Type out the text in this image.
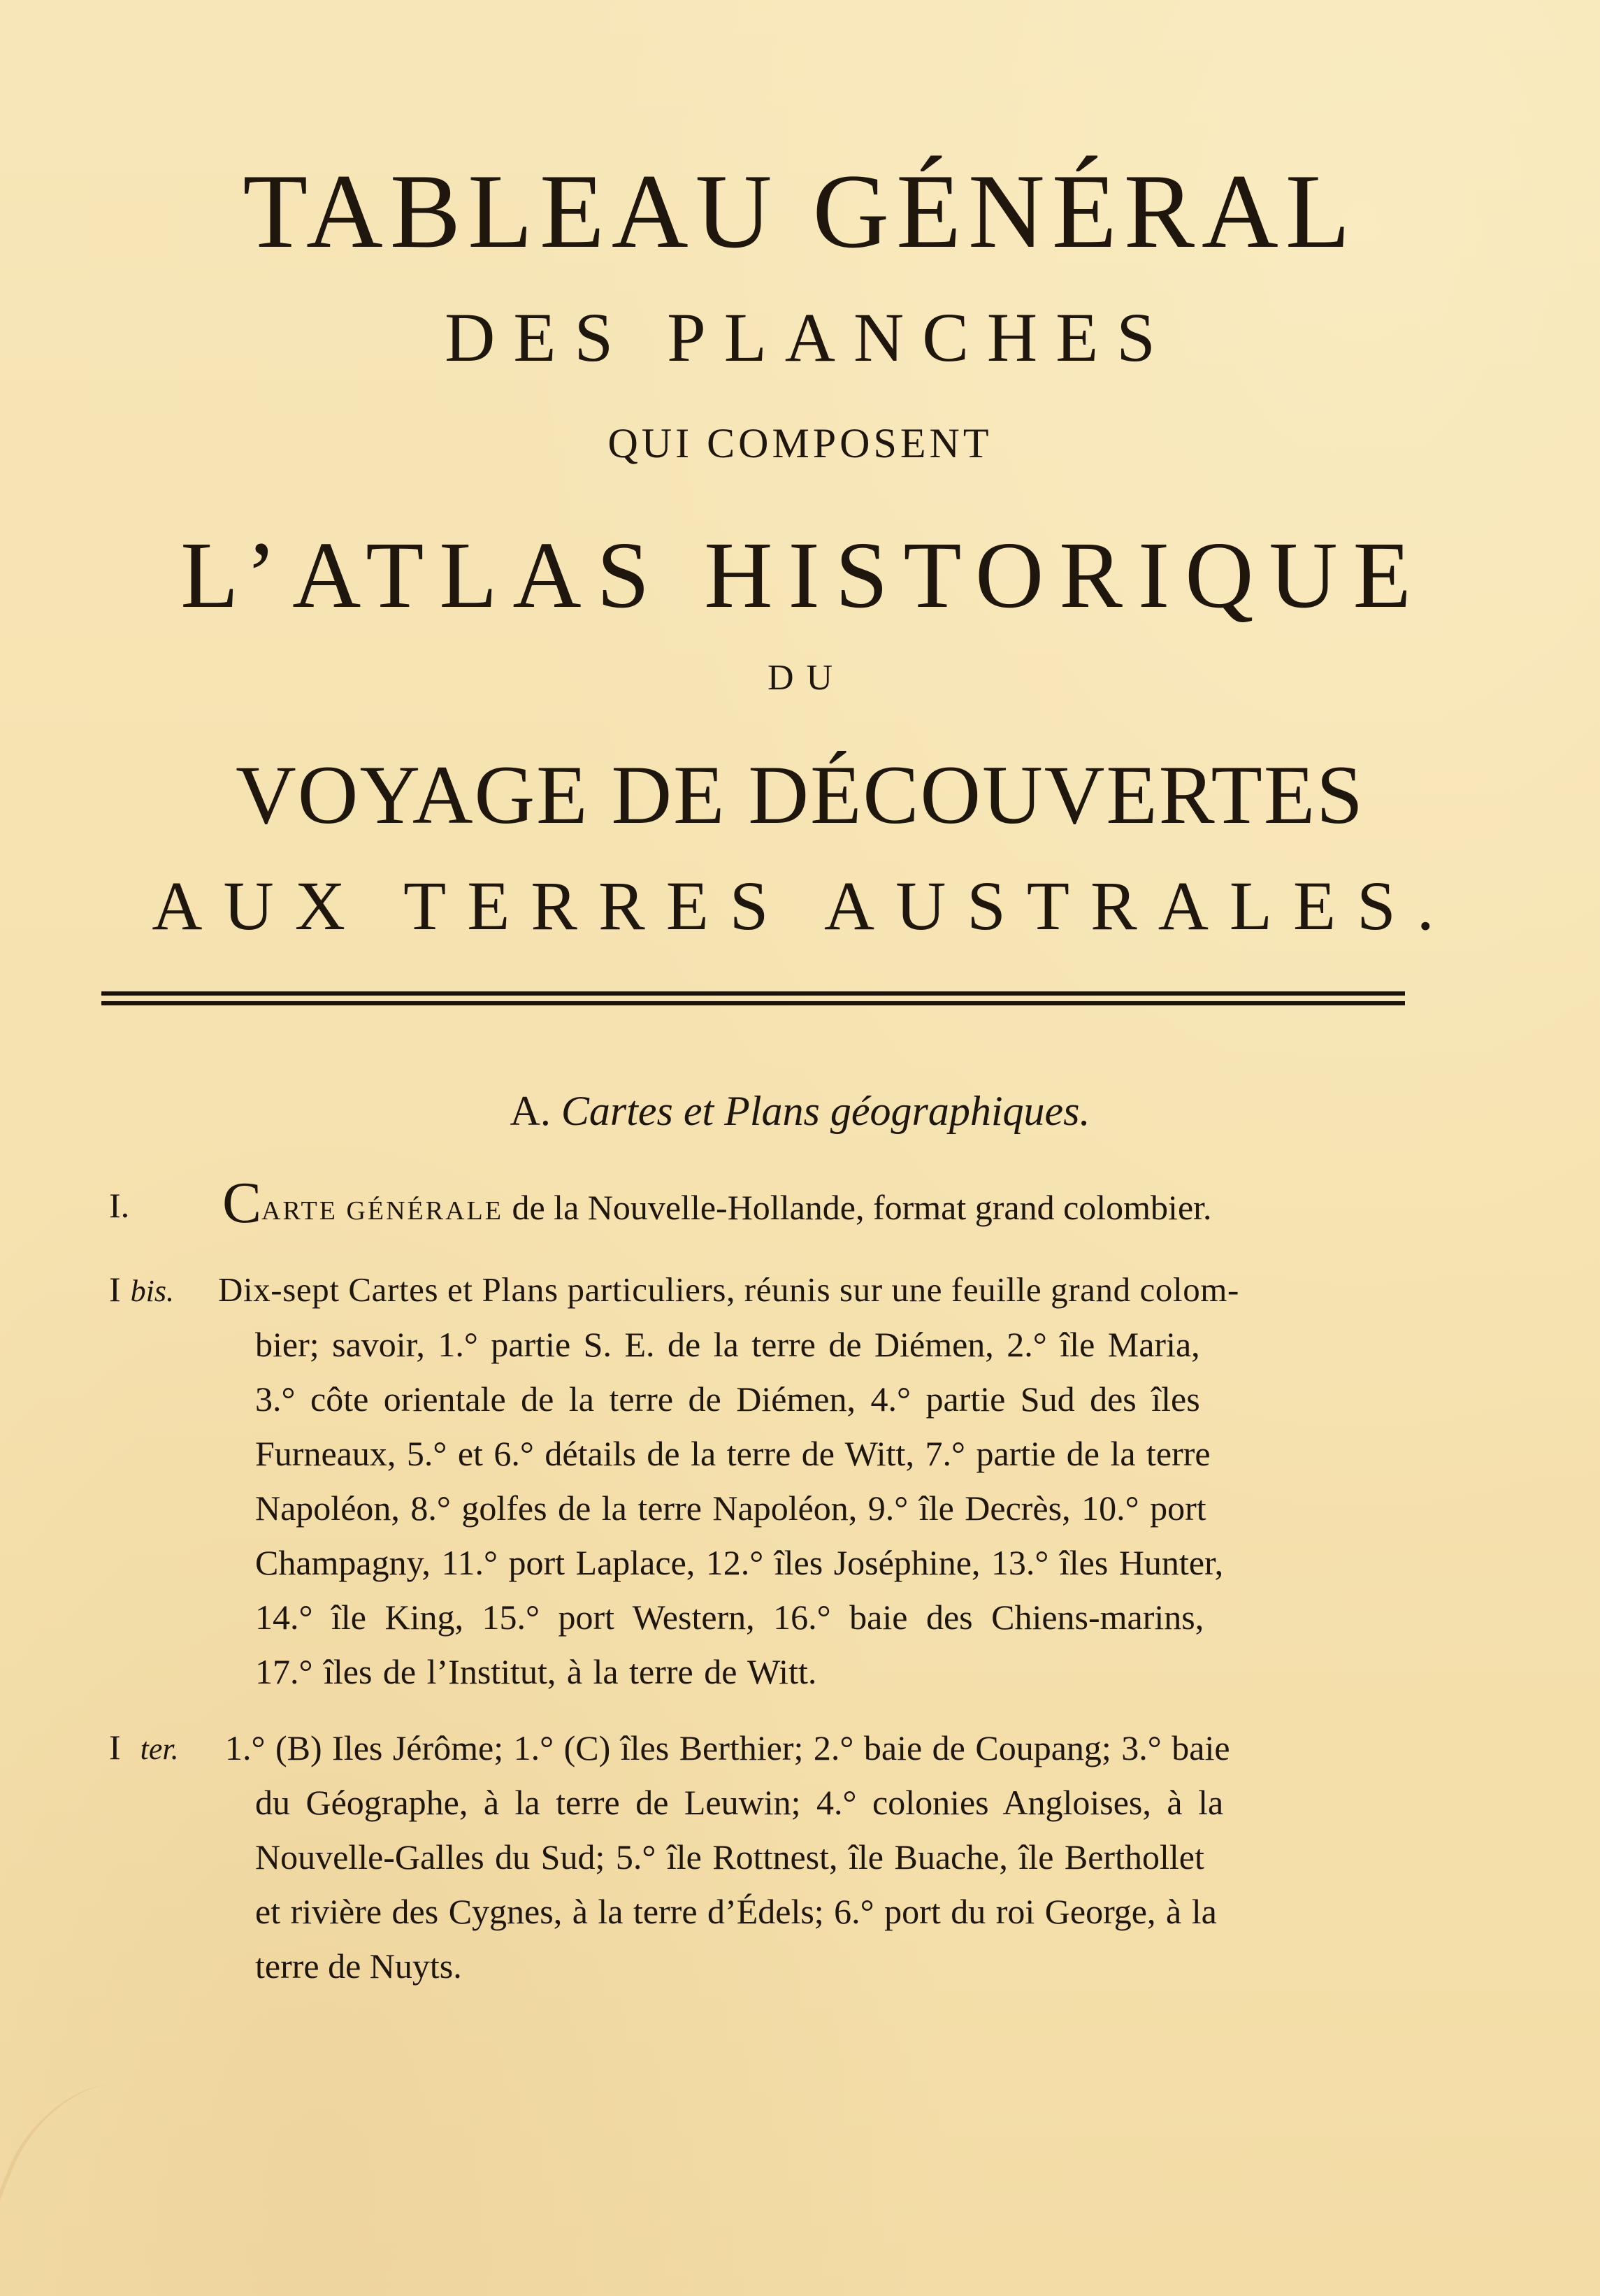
TABLEAU GÉNÉRAL
DES PLANCHES
QUI COMPOSENT
L’ATLAS HISTORIQUE
DU
VOYAGE DE DÉCOUVERTES
AUX TERRES AUSTRALES.
A. Cartes et Plans géographiques.
I. CARTE GÉNÉRALE de la Nouvelle-Hollande, format grand colombier.
I bis. Dix-sept Cartes et Plans particuliers, réunis sur une feuille grand colom-
bier; savoir, 1.° partie S. E. de la terre de Diémen, 2.° île Maria,
3.° côte orientale de la terre de Diémen, 4.° partie Sud des îles
Furneaux, 5.° et 6.° détails de la terre de Witt, 7.° partie de la terre
Napoléon, 8.° golfes de la terre Napoléon, 9.° île Decrès, 10.° port
Champagny, 11.° port Laplace, 12.° îles Joséphine, 13.° îles Hunter,
14.° île King, 15.° port Western, 16.° baie des Chiens-marins,
17.° îles de l’Institut, à la terre de Witt.
I ter. 1.° (B) Iles Jérôme; 1.° (C) îles Berthier; 2.° baie de Coupang; 3.° baie
du Géographe, à la terre de Leuwin; 4.° colonies Angloises, à la
Nouvelle-Galles du Sud; 5.° île Rottnest, île Buache, île Berthollet
et rivière des Cygnes, à la terre d’Édels; 6.° port du roi George, à la
terre de Nuyts.
